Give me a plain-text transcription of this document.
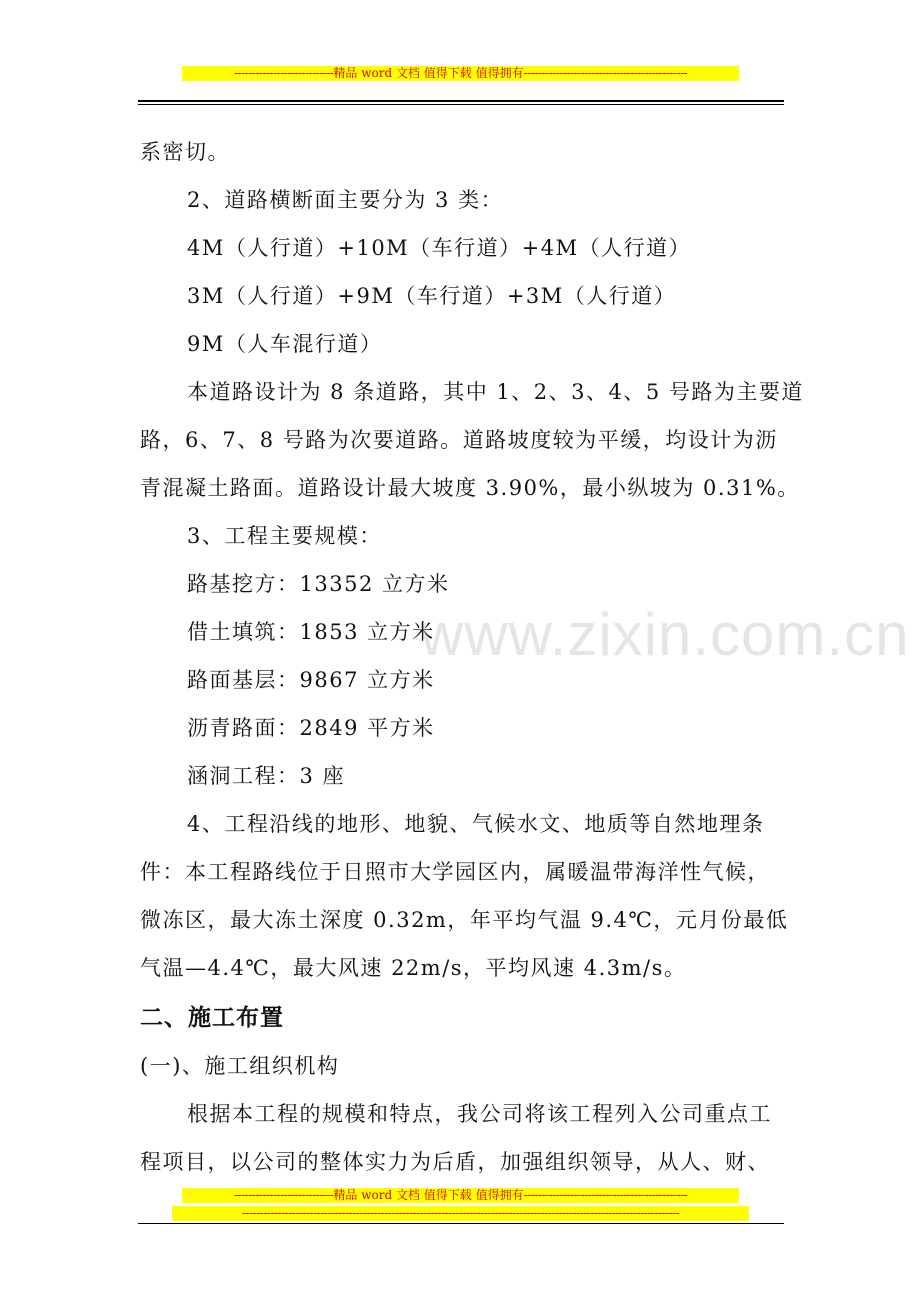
----------------------------精品 word 文档 值得下载 值得拥有----------------------------------------------
www.zixin.com.cn
系密切。
2、道路横断面主要分为 3 类：
4M（人行道）+10M（车行道）+4M（人行道）
3M（人行道）+9M（车行道）+3M（人行道）
9M（人车混行道）
本道路设计为 8 条道路，其中 1、2、3、4、5 号路为主要道
路，6、7、8 号路为次要道路。道路坡度较为平缓，均设计为沥
青混凝土路面。道路设计最大坡度 3.90%，最小纵坡为 0.31%。
3、工程主要规模：
路基挖方：13352 立方米
借土填筑：1853 立方米
路面基层：9867 立方米
沥青路面：2849 平方米
涵洞工程：3 座
4、工程沿线的地形、地貌、气候水文、地质等自然地理条
件：本工程路线位于日照市大学园区内，属暖温带海洋性气候，
微冻区，最大冻土深度 0.32m，年平均气温 9.4℃，元月份最低
气温—4.4℃，最大风速 22m/s，平均风速 4.3m/s。
二、施工布置
(一)、施工组织机构
根据本工程的规模和特点，我公司将该工程列入公司重点工
程项目，以公司的整体实力为后盾，加强组织领导，从人、财、
----------------------------精品 word 文档 值得下载 值得拥有----------------------------------------------
---------------------------------------------------------------------------------------------------------------------------
